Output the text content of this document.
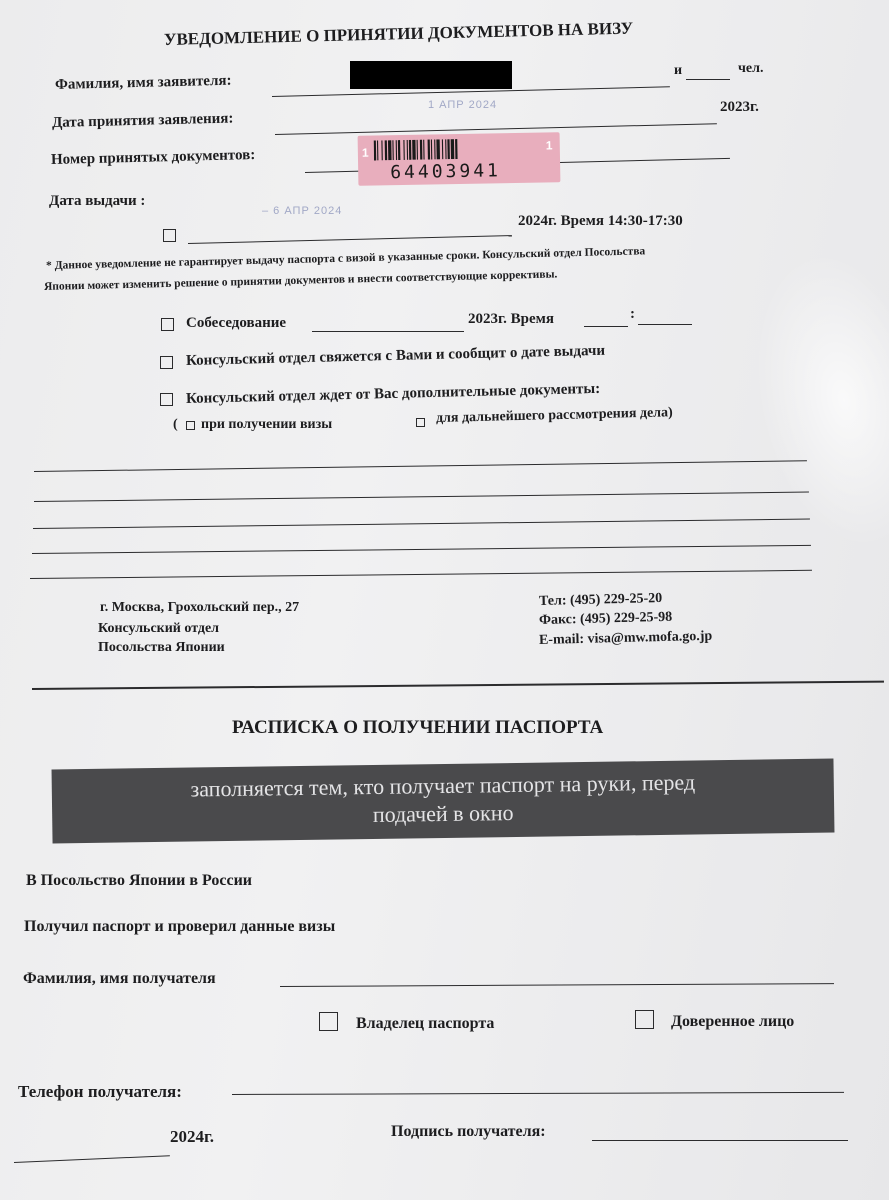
УВЕДОМЛЕНИЕ О ПРИНЯТИИ ДОКУМЕНТОВ НА ВИЗУ
Фамилия, имя заявителя:
и	чел.
Дата принятия заявления:
1 АПР 2024	2023г.
Номер принятых документов:	1
1
64403941
Дата выдачи :
– 6 АПР 2024
2024г. Время 14:30-17:30
* Данное уведомление не гарантирует выдачу паспорта с визой в указанные сроки. Консульский отдел Посольства
Японии может изменить решение о принятии документов и внести соответствующие коррективы.
Собеседование	2023г. Время	:
Консульский отдел свяжется с Вами и сообщит о дате выдачи
Консульский отдел ждет от Вас дополнительные документы:
( при получении визы	для дальнейшего рассмотрения дела)
г. Москва, Грохольский пер., 27
Консульский отдел
Посольства Японии
Тел: (495) 229-25-20
Факс: (495) 229-25-98
E-mail: visa@mw.mofa.go.jp
РАСПИСКА О ПОЛУЧЕНИИ ПАСПОРТА
заполняется тем, кто получает паспорт на руки, перед
подачей в окно
В Посольство Японии в России
Получил паспорт и проверил данные визы
Фамилия, имя получателя
Владелец паспорта	Доверенное лицо
Телефон получателя:
2024г.	Подпись получателя:
